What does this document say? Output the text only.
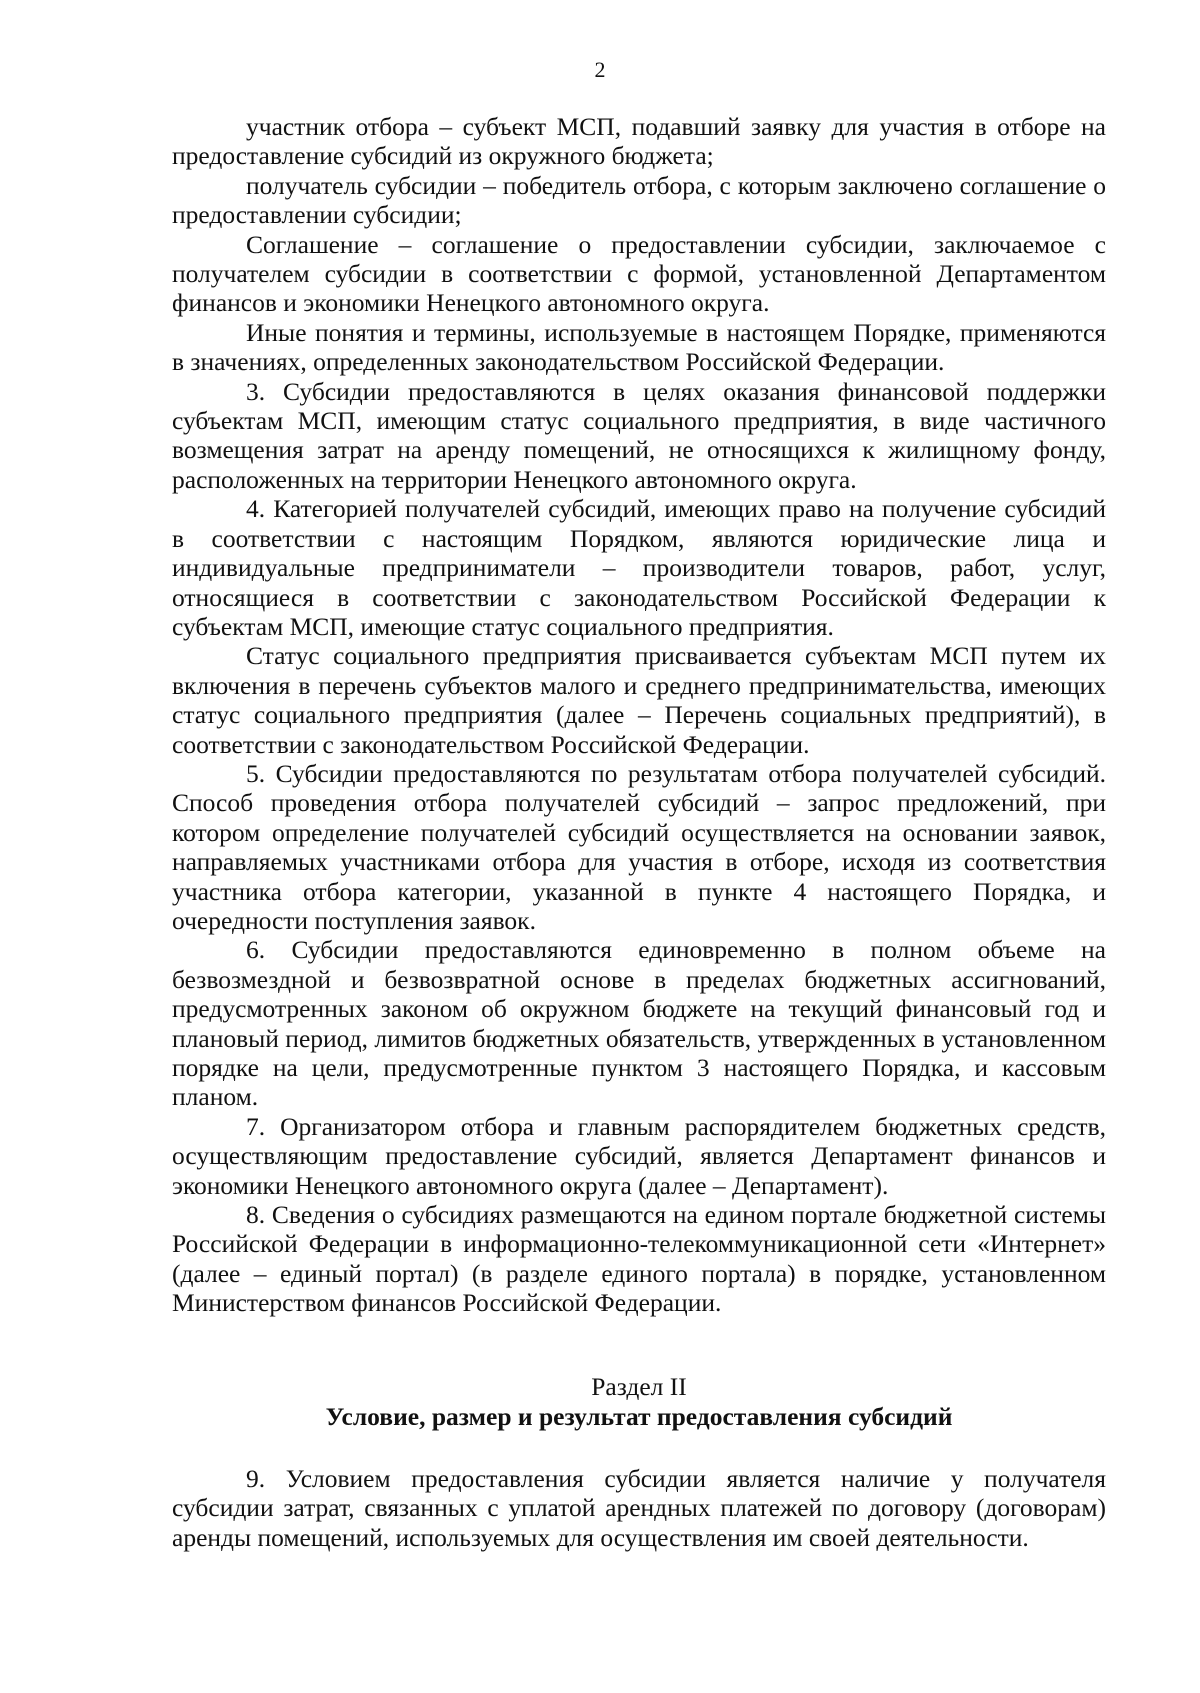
2

участник отбора – субъект МСП, подавший заявку для участия в отборе на предоставление субсидий из окружного бюджета;

получатель субсидии – победитель отбора, с которым заключено соглашение о предоставлении субсидии;

Соглашение – соглашение о предоставлении субсидии, заключаемое с получателем субсидии в соответствии с формой, установленной Департаментом финансов и экономики Ненецкого автономного округа.

Иные понятия и термины, используемые в настоящем Порядке, применяются в значениях, определенных законодательством Российской Федерации.

3. Субсидии предоставляются в целях оказания финансовой поддержки субъектам МСП, имеющим статус социального предприятия, в виде частичного возмещения затрат на аренду помещений, не относящихся к жилищному фонду, расположенных на территории Ненецкого автономного округа.

4. Категорией получателей субсидий, имеющих право на получение субсидий в соответствии с настоящим Порядком, являются юридические лица и индивидуальные предприниматели – производители товаров, работ, услуг, относящиеся в соответствии с законодательством Российской Федерации к субъектам МСП, имеющие статус социального предприятия.

Статус социального предприятия присваивается субъектам МСП путем их включения в перечень субъектов малого и среднего предпринимательства, имеющих статус социального предприятия (далее – Перечень социальных предприятий), в соответствии с законодательством Российской Федерации.

5. Субсидии предоставляются по результатам отбора получателей субсидий. Способ проведения отбора получателей субсидий – запрос предложений, при котором определение получателей субсидий осуществляется на основании заявок, направляемых участниками отбора для участия в отборе, исходя из соответствия участника отбора категории, указанной в пункте 4 настоящего Порядка, и очередности поступления заявок.

6. Субсидии предоставляются единовременно в полном объеме на безвозмездной и безвозвратной основе в пределах бюджетных ассигнований, предусмотренных законом об окружном бюджете на текущий финансовый год и плановый период, лимитов бюджетных обязательств, утвержденных в установленном порядке на цели, предусмотренные пунктом 3 настоящего Порядка, и кассовым планом.

7. Организатором отбора и главным распорядителем бюджетных средств, осуществляющим предоставление субсидий, является Департамент финансов и экономики Ненецкого автономного округа (далее – Департамент).

8. Сведения о субсидиях размещаются на едином портале бюджетной системы Российской Федерации в информационно-телекоммуникационной сети «Интернет» (далее – единый портал) (в разделе единого портала) в порядке, установленном Министерством финансов Российской Федерации.

Раздел II
Условие, размер и результат предоставления субсидий

9. Условием предоставления субсидии является наличие у получателя субсидии затрат, связанных с уплатой арендных платежей по договору (договорам) аренды помещений, используемых для осуществления им своей деятельности.
